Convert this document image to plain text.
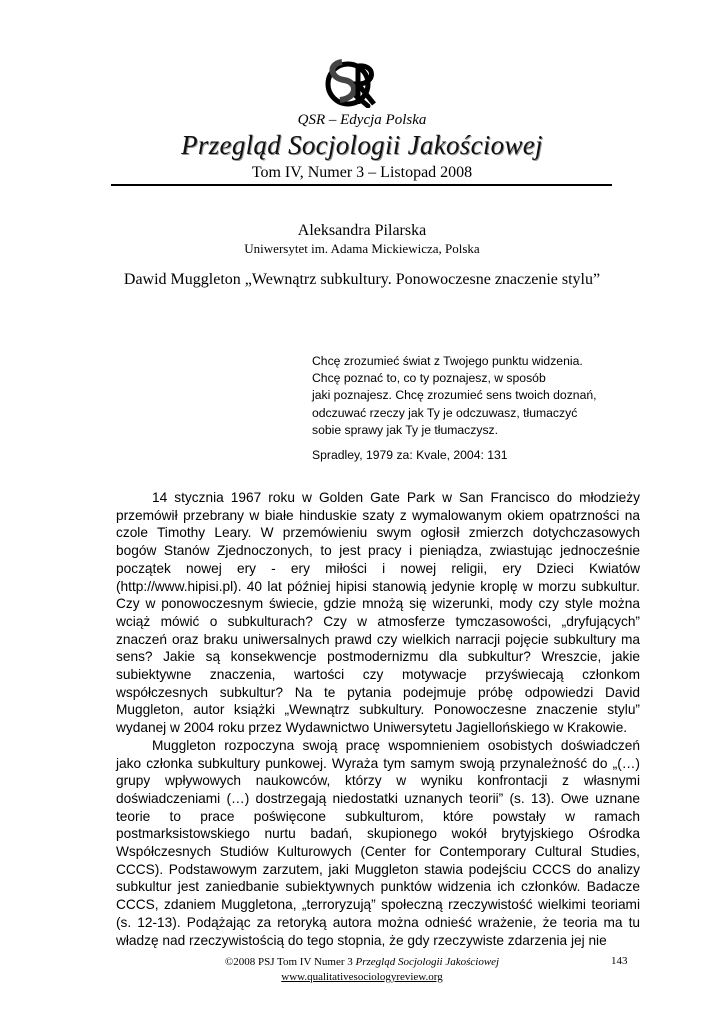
QSR – Edycja Polska
Przegląd Socjologii Jakościowej
Tom IV, Numer 3 – Listopad 2008
Aleksandra Pilarska
Uniwersytet im. Adama Mickiewicza, Polska
Dawid Muggleton „Wewnątrz subkultury. Ponowoczesne znaczenie stylu”
Chcę zrozumieć świat z Twojego punktu widzenia.
Chcę poznać to, co ty poznajesz, w sposób
jaki poznajesz. Chcę zrozumieć sens twoich doznań,
odczuwać rzeczy jak Ty je odczuwasz, tłumaczyć
sobie sprawy jak Ty je tłumaczysz.
Spradley, 1979 za: Kvale, 2004: 131

14 stycznia 1967 roku w Golden Gate Park w San Francisco do młodzieży przemówił przebrany w białe hinduskie szaty z wymalowanym okiem opatrzności na czole Timothy Leary. W przemówieniu swym ogłosił zmierzch dotychczasowych bogów Stanów Zjednoczonych, to jest pracy i pieniądza, zwiastując jednocześnie początek nowej ery - ery miłości i nowej religii, ery Dzieci Kwiatów (http://www.hipisi.pl). 40 lat później hipisi stanowią jedynie kroplę w morzu subkultur. Czy w ponowoczesnym świecie, gdzie mnożą się wizerunki, mody czy style można wciąż mówić o subkulturach? Czy w atmosferze tymczasowości, „dryfujących” znaczeń oraz braku uniwersalnych prawd czy wielkich narracji pojęcie subkultury ma sens? Jakie są konsekwencje postmodernizmu dla subkultur? Wreszcie, jakie subiektywne znaczenia, wartości czy motywacje przyświecają członkom współczesnych subkultur? Na te pytania podejmuje próbę odpowiedzi David Muggleton, autor książki „Wewnątrz subkultury. Ponowoczesne znaczenie stylu” wydanej w 2004 roku przez Wydawnictwo Uniwersytetu Jagiellońskiego w Krakowie.

Muggleton rozpoczyna swoją pracę wspomnieniem osobistych doświadczeń jako członka subkultury punkowej. Wyraża tym samym swoją przynależność do „(…) grupy wpływowych naukowców, którzy w wyniku konfrontacji z własnymi doświadczeniami (…) dostrzegają niedostatki uznanych teorii” (s. 13). Owe uznane teorie to prace poświęcone subkulturom, które powstały w ramach postmarksistowskiego nurtu badań, skupionego wokół brytyjskiego Ośrodka Współczesnych Studiów Kulturowych (Center for Contemporary Cultural Studies, CCCS). Podstawowym zarzutem, jaki Muggleton stawia podejściu CCCS do analizy subkultur jest zaniedbanie subiektywnych punktów widzenia ich członków. Badacze CCCS, zdaniem Muggletona, „terroryzują” społeczną rzeczywistość wielkimi teoriami (s. 12-13). Podążając za retoryką autora można odnieść wrażenie, że teoria ma tu władzę nad rzeczywistością do tego stopnia, że gdy rzeczywiste zdarzenia jej nie

©2008 PSJ Tom IV Numer 3 Przegląd Socjologii Jakościowej
www.qualitativesociologyreview.org
143
